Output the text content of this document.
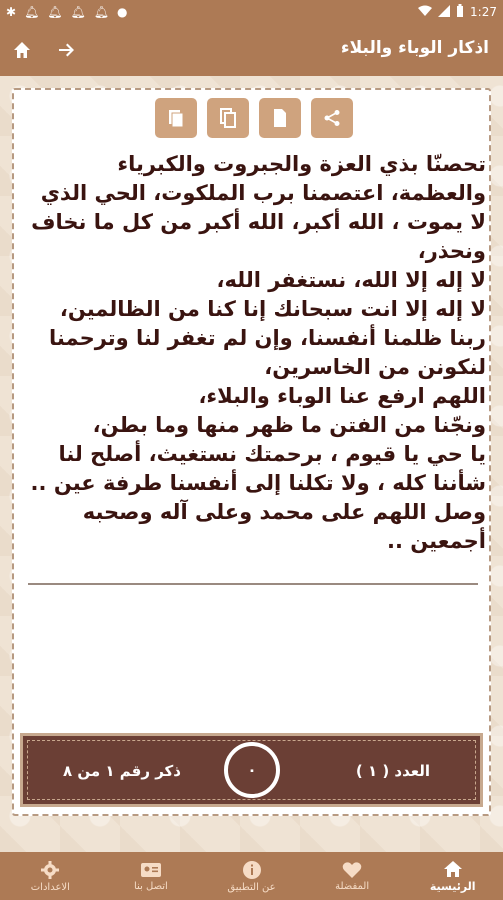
✱ 🔔︎ 🔔︎ 🔔︎ 🔔︎ ●	1:27
اذكار الوباء والبلاء
تحصنّا بذي العزة والجبروت والكبرياء
والعظمة، اعتصمنا برب الملكوت، الحي الذي
لا يموت ، الله أكبر، الله أكبر من كل ما نخاف
ونحذر،
لا إله إلا الله، نستغفر الله،
لا إله إلا انت سبحانك إنا كنا من الظالمين،
ربنا ظلمنا أنفسنا، وإن لم تغفر لنا وترحمنا
لنكونن من الخاسرين،
اللهم ارفع عنا الوباء والبلاء،
ونجّنا من الفتن ما ظهر منها وما بطن،
يا حي يا قيوم ، برحمتك نستغيث، أصلح لنا
شأننا كله ، ولا تكلنا إلى أنفسنا طرفة عين ..
وصل اللهم على محمد وعلى آله وصحبه
أجمعين ..
العدد ( ١ )
ذكر رقم ١ من ٨	٠
الرئيسية
المفضلة
عن التطبيق
اتصل بنا
الاعدادات
